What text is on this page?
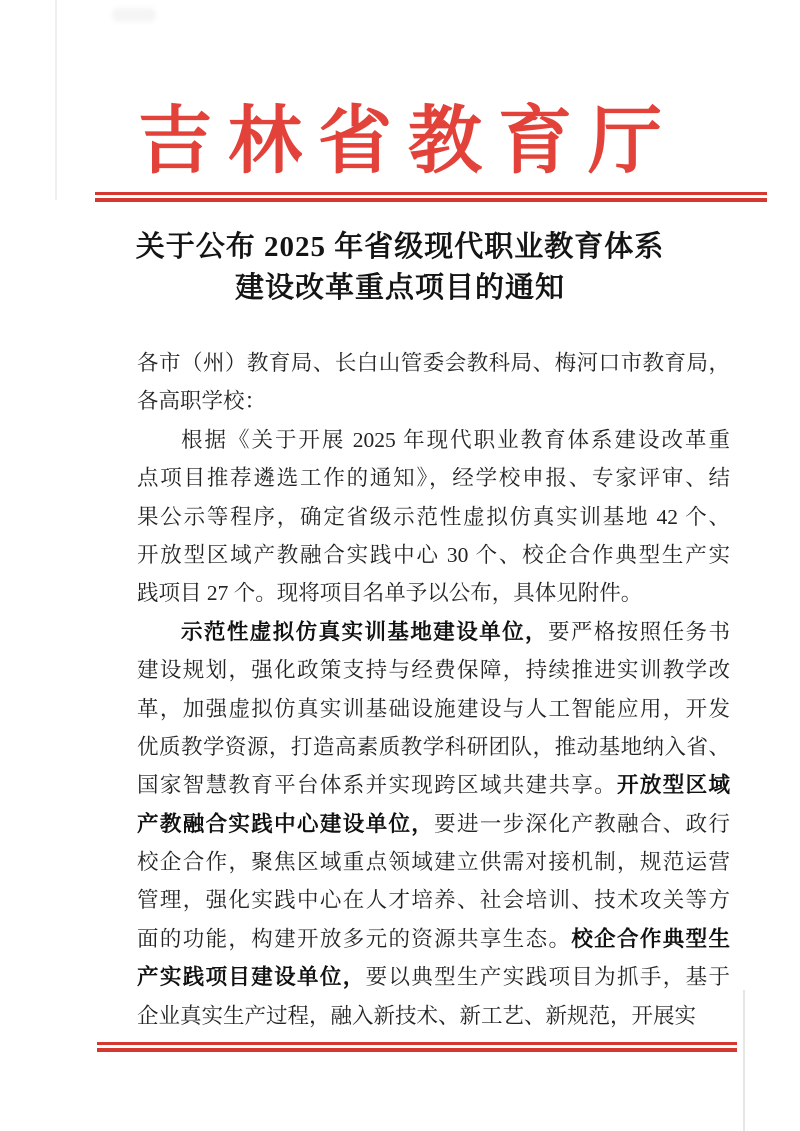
吉林省教育厅
关于公布 2025 年省级现代职业教育体系
建设改革重点项目的通知
各市（州）教育局、长白山管委会教科局、梅河口市教育局，
各高职学校：
根据《关于开展 2025 年现代职业教育体系建设改革重
点项目推荐遴选工作的通知》，经学校申报、专家评审、结
果公示等程序，确定省级示范性虚拟仿真实训基地 42 个、
开放型区域产教融合实践中心 30 个、校企合作典型生产实
践项目 27 个。现将项目名单予以公布，具体见附件。
示范性虚拟仿真实训基地建设单位，要严格按照任务书
建设规划，强化政策支持与经费保障，持续推进实训教学改
革，加强虚拟仿真实训基础设施建设与人工智能应用，开发
优质教学资源，打造高素质教学科研团队，推动基地纳入省、
国家智慧教育平台体系并实现跨区域共建共享。开放型区域
产教融合实践中心建设单位，要进一步深化产教融合、政行
校企合作，聚焦区域重点领域建立供需对接机制，规范运营
管理，强化实践中心在人才培养、社会培训、技术攻关等方
面的功能，构建开放多元的资源共享生态。校企合作典型生
产实践项目建设单位，要以典型生产实践项目为抓手，基于
企业真实生产过程，融入新技术、新工艺、新规范，开展实
